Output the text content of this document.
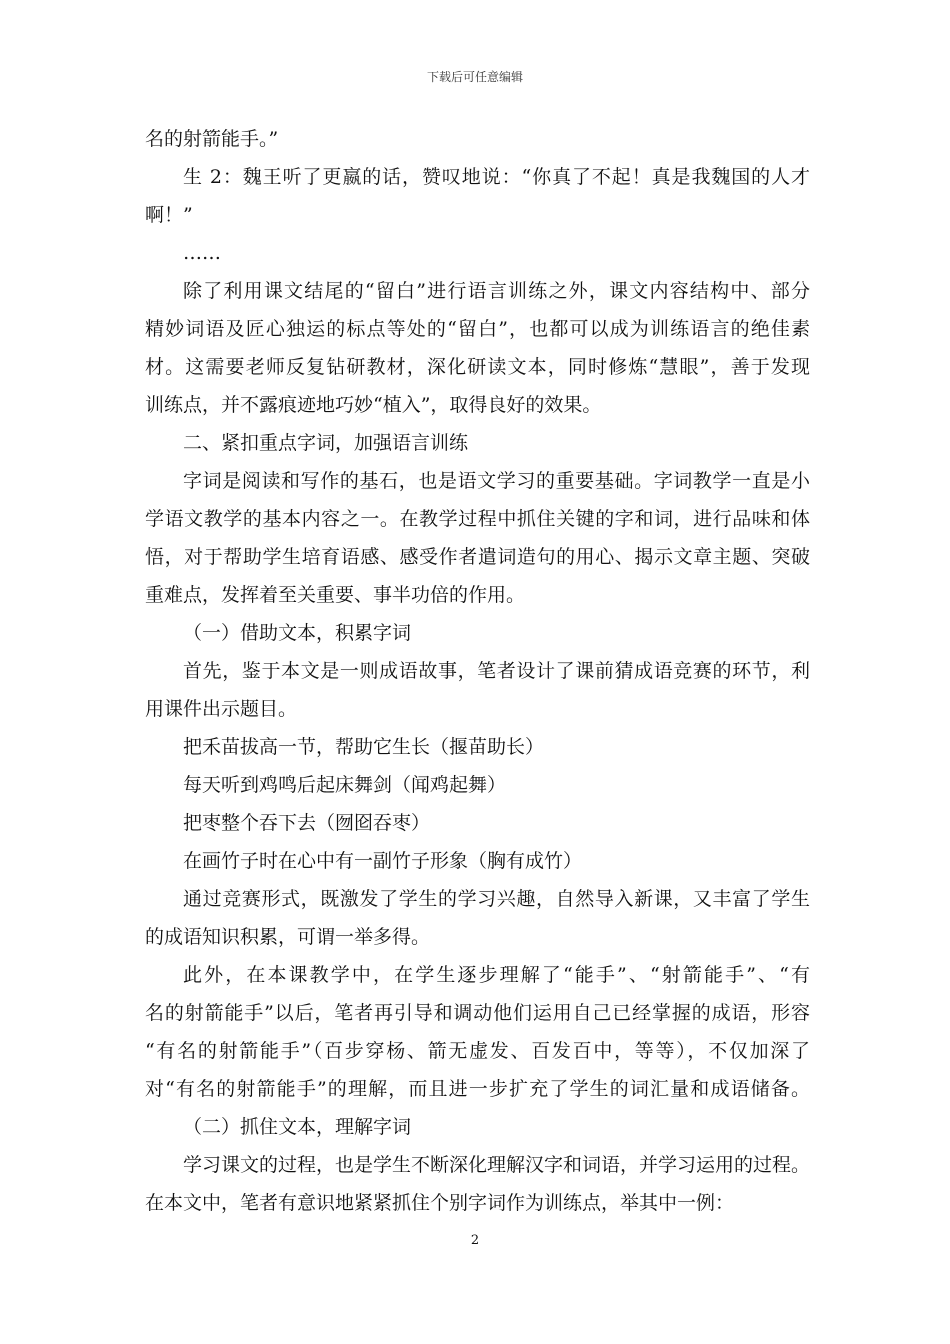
下载后可任意编辑
名的射箭能手。”
生 2：魏王听了更嬴的话，赞叹地说：“你真了不起！真是我魏国的人才
啊！”
……
除了利用课文结尾的“留白”进行语言训练之外，课文内容结构中、部分
精妙词语及匠心独运的标点等处的“留白”，也都可以成为训练语言的绝佳素
材。这需要老师反复钻研教材，深化研读文本，同时修炼“慧眼”，善于发现
训练点，并不露痕迹地巧妙“植入”，取得良好的效果。
二、紧扣重点字词，加强语言训练
字词是阅读和写作的基石，也是语文学习的重要基础。字词教学一直是小
学语文教学的基本内容之一。在教学过程中抓住关键的字和词，进行品味和体
悟，对于帮助学生培育语感、感受作者遣词造句的用心、揭示文章主题、突破
重难点，发挥着至关重要、事半功倍的作用。
（一）借助文本，积累字词
首先，鉴于本文是一则成语故事，笔者设计了课前猜成语竞赛的环节，利
用课件出示题目。
把禾苗拔高一节，帮助它生长（揠苗助长）
每天听到鸡鸣后起床舞剑（闻鸡起舞）
把枣整个吞下去（囫囵吞枣）
在画竹子时在心中有一副竹子形象（胸有成竹）
通过竞赛形式，既激发了学生的学习兴趣，自然导入新课，又丰富了学生
的成语知识积累，可谓一举多得。
此外，在本课教学中，在学生逐步理解了“能手”、“射箭能手”、“有
名的射箭能手”以后，笔者再引导和调动他们运用自己已经掌握的成语，形容
“有名的射箭能手”（百步穿杨、箭无虚发、百发百中，等等），不仅加深了
对“有名的射箭能手”的理解，而且进一步扩充了学生的词汇量和成语储备。
（二）抓住文本，理解字词
学习课文的过程，也是学生不断深化理解汉字和词语，并学习运用的过程。
在本文中，笔者有意识地紧紧抓住个别字词作为训练点，举其中一例：
2
